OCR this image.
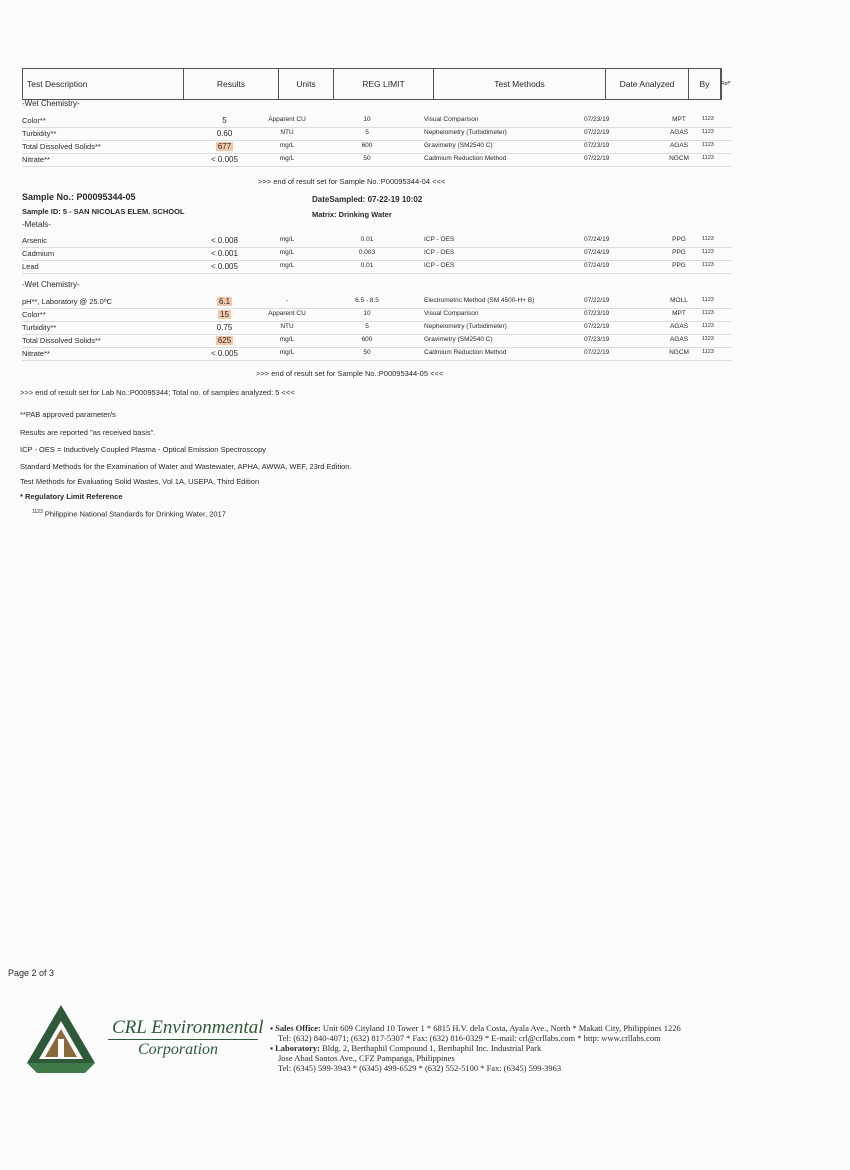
Test Description	Results	Units	REG LIMIT	Test Methods	Date Analyzed	By	Ref*
-Wet Chemistry-
Color**	5	Apparent CU	10	Visual Comparison	07/23/19	MPT	1123
Turbidity**	0.60	NTU	5	Nephelometry (Turbidimeter)	07/22/19	AGAS	1123
Total Dissolved Solids**	677	mg/L	600	Gravimetry (SM2540 C)	07/23/19	AGAS	1123
Nitrate**	< 0.005	mg/L	50	Cadmium Reduction Method	07/22/19	NGCM	1123
>>> end of result set for Sample No.:P00095344-04 <<<
Sample No.: P00095344-05
Sample ID: 5 - SAN NICOLAS ELEM. SCHOOL
DateSampled: 07-22-19 10:02
Matrix: Drinking Water
-Metals-
Arsenic	< 0.008	mg/L	0.01	ICP - OES	07/24/19	PPG	1123
Cadmium	< 0.001	mg/L	0.003	ICP - OES	07/24/19	PPG	1123
Lead	< 0.005	mg/L	0.01	ICP - OES	07/24/19	PPG	1123
-Wet Chemistry-
pH**, Laboratory @ 25.0ºC	6.1	-	6.5 - 8.5	Electrometric Method (SM 4500-H+ B)	07/22/19	MOLL	1123
Color**	15	Apparent CU	10	Visual Comparison	07/23/19	MPT	1123
Turbidity**	0.75	NTU	5	Nephelometry (Turbidimeter)	07/22/19	AGAS	1123
Total Dissolved Solids**	625	mg/L	600	Gravimetry (SM2540 C)	07/23/19	AGAS	1123
Nitrate**	< 0.005	mg/L	50	Cadmium Reduction Method	07/22/19	NGCM	1123
>>> end of result set for Sample No.:P00095344-05 <<<
>>> end of result set for Lab No.:P00095344; Total no. of samples analyzed: 5 <<<
**PAB approved parameter/s
Results are reported "as received basis".
ICP - OES = Inductively Coupled Plasma - Optical Emission Spectroscopy
Standard Methods for the Examination of Water and Wastewater, APHA, AWWA, WEF, 23rd Edition.
Test Methods for Evaluating Solid Wastes, Vol 1A, USEPA, Third Edition
* Regulatory Limit Reference
$^{1123}$ Philippine National Standards for Drinking Water, 2017
Page 2 of 3
CRL Environmental
Corporation
▪ Sales Office: Unit 609 Cityland 10 Tower 1 * 6815 H.V. dela Costa, Ayala Ave., North * Makati City, Philippines 1226
Tel: (632) 840-4071; (632) 817-5307 * Fax: (632) 816-0329 * E-mail: crl@crllabs.com * http: www.crllabs.com
▪ Laboratory: Bldg. 2, Berthaphil Compound 1, Berthaphil Inc. Industrial Park
Jose Abad Santos Ave., CFZ Pampanga, Philippines
Tel: (6345) 599-3943 * (6345) 499-6529 * (632) 552-5100 * Fax: (6345) 599-3963
